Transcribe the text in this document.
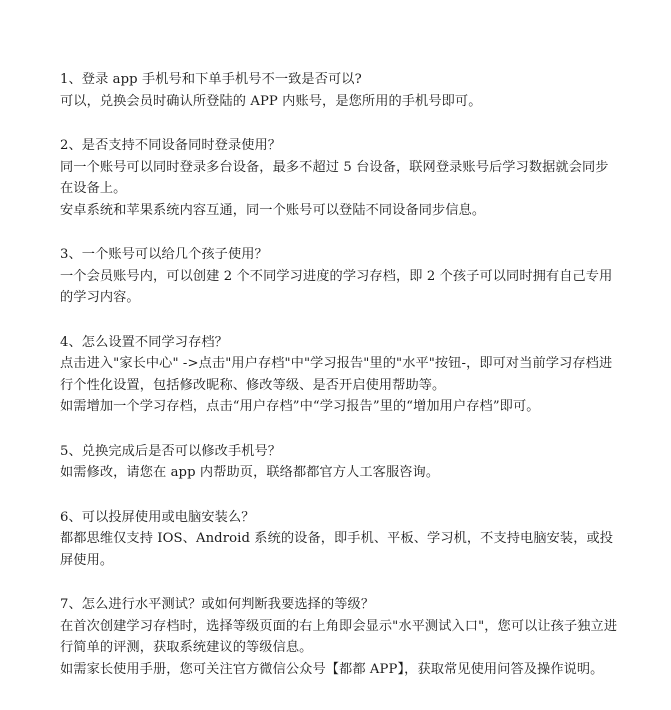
1、登录 app 手机号和下单手机号不一致是否可以?

可以，兑换会员时确认所登陆的 APP 内账号，是您所用的手机号即可。

2、是否支持不同设备同时登录使用？

同一个账号可以同时登录多台设备，最多不超过 5 台设备，联网登录账号后学习数据就会同步在设备上。

安卓系统和苹果系统内容互通，同一个账号可以登陆不同设备同步信息。

3、一个账号可以给几个孩子使用？

一个会员账号内，可以创建 2 个不同学习进度的学习存档，即 2 个孩子可以同时拥有自己专用的学习内容。

4、怎么设置不同学习存档？

点击进入"家长中心" ->点击"用户存档"中"学习报告"里的"水平"按钮-，即可对当前学习存档进行个性化设置，包括修改昵称、修改等级、是否开启使用帮助等。

如需增加一个学习存档，点击“用户存档”中“学习报告”里的“增加用户存档”即可。

5、兑换完成后是否可以修改手机号？

如需修改，请您在 app 内帮助页，联络都都官方人工客服咨询。

6、可以投屏使用或电脑安装么？

都都思维仅支持 IOS、Android 系统的设备，即手机、平板、学习机，不支持电脑安装，或投屏使用。

7、怎么进行水平测试？或如何判断我要选择的等级？

在首次创建学习存档时，选择等级页面的右上角即会显示"水平测试入口"，您可以让孩子独立进行简单的评测，获取系统建议的等级信息。

如需家长使用手册，您可关注官方微信公众号【都都 APP】，获取常见使用问答及操作说明。
